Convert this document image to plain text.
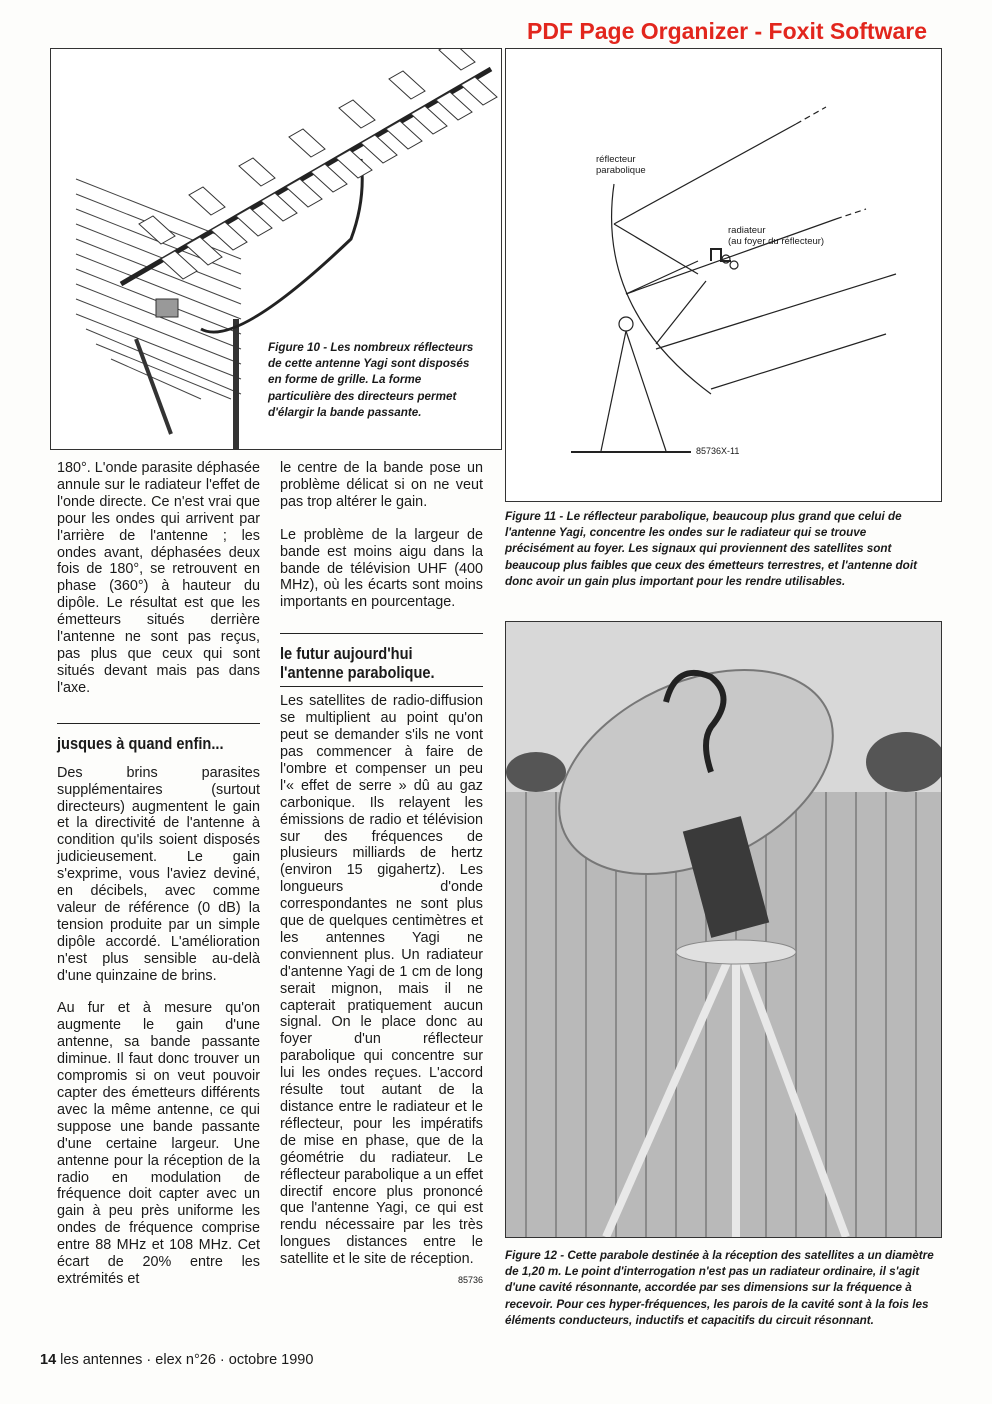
PDF Page Organizer - Foxit Software
Figure 10 - Les nombreux réflecteurs de cette antenne Yagi sont disposés en forme de grille. La forme particulière des directeurs permet d'élargir la bande passante.
réflecteur
parabolique
radiateur
(au foyer du réflecteur)
85736X-11
Figure 11 - Le réflecteur parabolique, beaucoup plus grand que celui de l'antenne Yagi, concentre les ondes sur le radiateur qui se trouve précisément au foyer. Les signaux qui proviennent des satellites sont beaucoup plus faibles que ceux des émetteurs terrestres, et l'antenne doit donc avoir un gain plus important pour les rendre utilisables.
Figure 12 - Cette parabole destinée à la réception des satellites a un diamètre de 1,20 m. Le point d'interrogation n'est pas un radiateur ordinaire, il s'agit d'une cavité résonnante, accordée par ses dimensions sur la fréquence à recevoir. Pour ces hyper-fréquences, les parois de la cavité sont à la fois les éléments conducteurs, inductifs et capacitifs du circuit résonnant.

180°. L'onde parasite déphasée annule sur le radiateur l'effet de l'onde directe. Ce n'est vrai que pour les ondes qui arrivent par l'arrière de l'antenne ; les ondes avant, déphasées deux fois de 180°, se retrouvent en phase (360°) à hauteur du dipôle. Le résultat est que les émetteurs situés derrière l'antenne ne sont pas reçus, pas plus que ceux qui sont situés devant mais pas dans l'axe.

jusques à quand enfin...

Des brins parasites supplémentaires (surtout directeurs) augmentent le gain et la directivité de l'antenne à condition qu'ils soient disposés judicieusement. Le gain s'exprime, vous l'aviez deviné, en décibels, avec comme valeur de référence (0 dB) la tension produite par un simple dipôle accordé. L'amélioration n'est plus sensible au-delà d'une quinzaine de brins.

Au fur et à mesure qu'on augmente le gain d'une antenne, sa bande passante diminue. Il faut donc trouver un compromis si on veut pouvoir capter des émetteurs différents avec la même antenne, ce qui suppose une bande passante d'une certaine largeur. Une antenne pour la réception de la radio en modulation de fréquence doit capter avec un gain à peu près uniforme les ondes de fréquence comprise entre 88 MHz et 108 MHz. Cet écart de 20% entre les extrémités et

le centre de la bande pose un problème délicat si on ne veut pas trop altérer le gain.

Le problème de la largeur de bande est moins aigu dans la bande de télévision UHF (400 MHz), où les écarts sont moins importants en pourcentage.

le futur aujourd'hui
l'antenne parabolique.

Les satellites de radio-diffusion se multiplient au point qu'on peut se demander s'ils ne vont pas commencer à faire de l'ombre et compenser un peu l'« effet de serre » dû au gaz carbonique. Ils relayent les émissions de radio et télévision sur des fréquences de plusieurs milliards de hertz (environ 15 gigahertz). Les longueurs d'onde correspondantes ne sont plus que de quelques centimètres et les antennes Yagi ne conviennent plus. Un radiateur d'antenne Yagi de 1 cm de long serait mignon, mais il ne capterait pratiquement aucun signal. On le place donc au foyer d'un réflecteur parabolique qui concentre sur lui les ondes reçues. L'accord résulte tout autant de la distance entre le radiateur et le réflecteur, pour les impératifs de mise en phase, que de la géométrie du radiateur. Le réflecteur parabolique a un effet directif encore plus prononcé que l'antenne Yagi, ce qui est rendu nécessaire par les très longues distances entre le satellite et le site de réception.
85736

14 les antennes · elex n°26 · octobre 1990
